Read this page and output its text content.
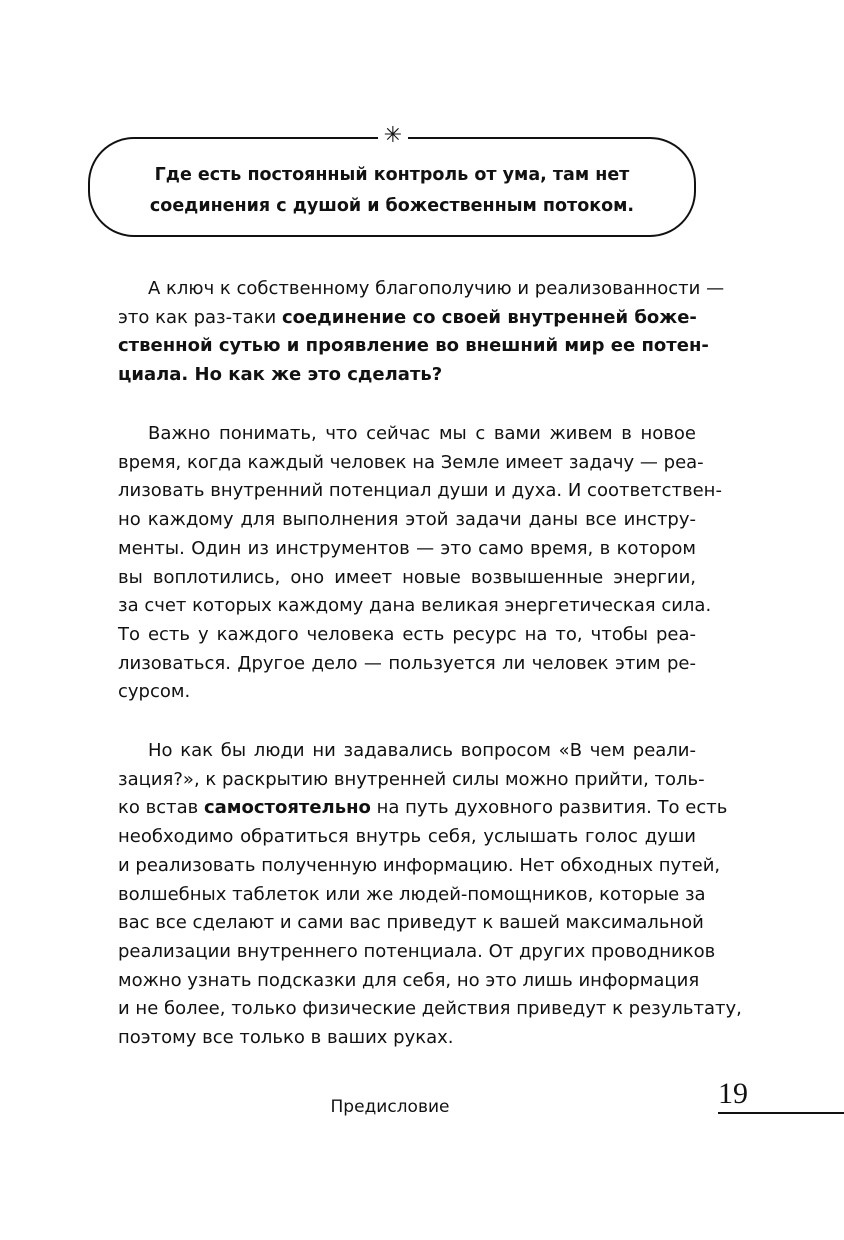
✳
Где есть постоянный контроль от ума, там нет
соединения с душой и божественным потоком.
А ключ к собственному благополучию и реализованности —
это как раз-таки соединение со своей внутренней боже-
ственной сутью и проявление во внешний мир ее потен-
циала. Но как же это сделать?
Важно понимать, что сейчас мы с вами живем в новое
время, когда каждый человек на Земле имеет задачу — реа-
лизовать внутренний потенциал души и духа. И соответствен-
но каждому для выполнения этой задачи даны все инстру-
менты. Один из инструментов — это само время, в котором
вы воплотились, оно имеет новые возвышенные энергии,
за счет которых каждому дана великая энергетическая сила.
То есть у каждого человека есть ресурс на то, чтобы реа-
лизоваться. Другое дело — пользуется ли человек этим ре-
сурсом.
Но как бы люди ни задавались вопросом «В чем реали-
зация?», к раскрытию внутренней силы можно прийти, толь-
ко встав самостоятельно на путь духовного развития. То есть
необходимо обратиться внутрь себя, услышать голос души
и реализовать полученную информацию. Нет обходных путей,
волшебных таблеток или же людей-помощников, которые за
вас все сделают и сами вас приведут к вашей максимальной
реализации внутреннего потенциала. От других проводников
можно узнать подсказки для себя, но это лишь информация
и не более, только физические действия приведут к результату,
поэтому все только в ваших руках.
Предисловие	19
